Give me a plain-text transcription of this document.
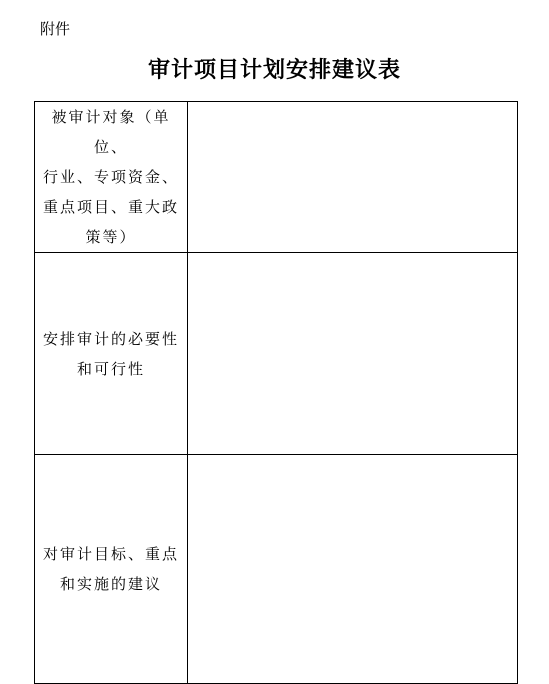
附件
审计项目计划安排建议表
被审计对象（单位、
行业、专项资金、
重点项目、重大政
策等）	

安排审计的必要性
和可行性	

对审计目标、重点
和实施的建议	
